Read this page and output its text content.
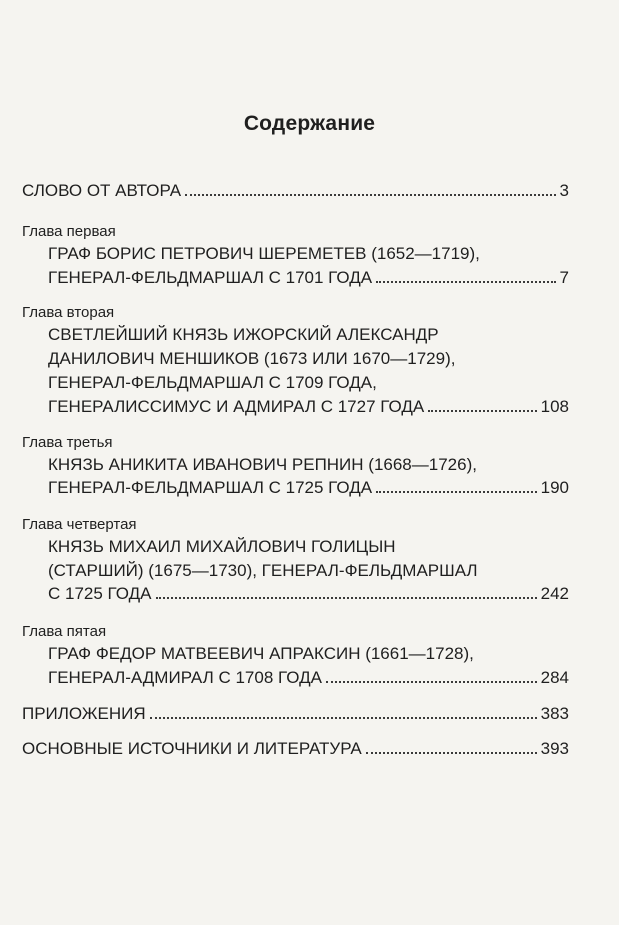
Содержание
СЛОВО ОТ АВТОРА	3
Глава первая
ГРАФ БОРИС ПЕТРОВИЧ ШЕРЕМЕТЕВ (1652—1719),
ГЕНЕРАЛ-ФЕЛЬДМАРШАЛ С 1701 ГОДА	7
Глава вторая
СВЕТЛЕЙШИЙ КНЯЗЬ ИЖОРСКИЙ АЛЕКСАНДР
ДАНИЛОВИЧ МЕНШИКОВ (1673 ИЛИ 1670—1729),
ГЕНЕРАЛ-ФЕЛЬДМАРШАЛ С 1709 ГОДА,
ГЕНЕРАЛИССИМУС И АДМИРАЛ С 1727 ГОДА	108
Глава третья
КНЯЗЬ АНИКИТА ИВАНОВИЧ РЕПНИН (1668—1726),
ГЕНЕРАЛ-ФЕЛЬДМАРШАЛ С 1725 ГОДА	190
Глава четвертая
КНЯЗЬ МИХАИЛ МИХАЙЛОВИЧ ГОЛИЦЫН
(СТАРШИЙ) (1675—1730), ГЕНЕРАЛ-ФЕЛЬДМАРШАЛ
С 1725 ГОДА	242
Глава пятая
ГРАФ ФЕДОР МАТВЕЕВИЧ АПРАКСИН (1661—1728),
ГЕНЕРАЛ-АДМИРАЛ С 1708 ГОДА	284
ПРИЛОЖЕНИЯ	383
ОСНОВНЫЕ ИСТОЧНИКИ И ЛИТЕРАТУРА	393
